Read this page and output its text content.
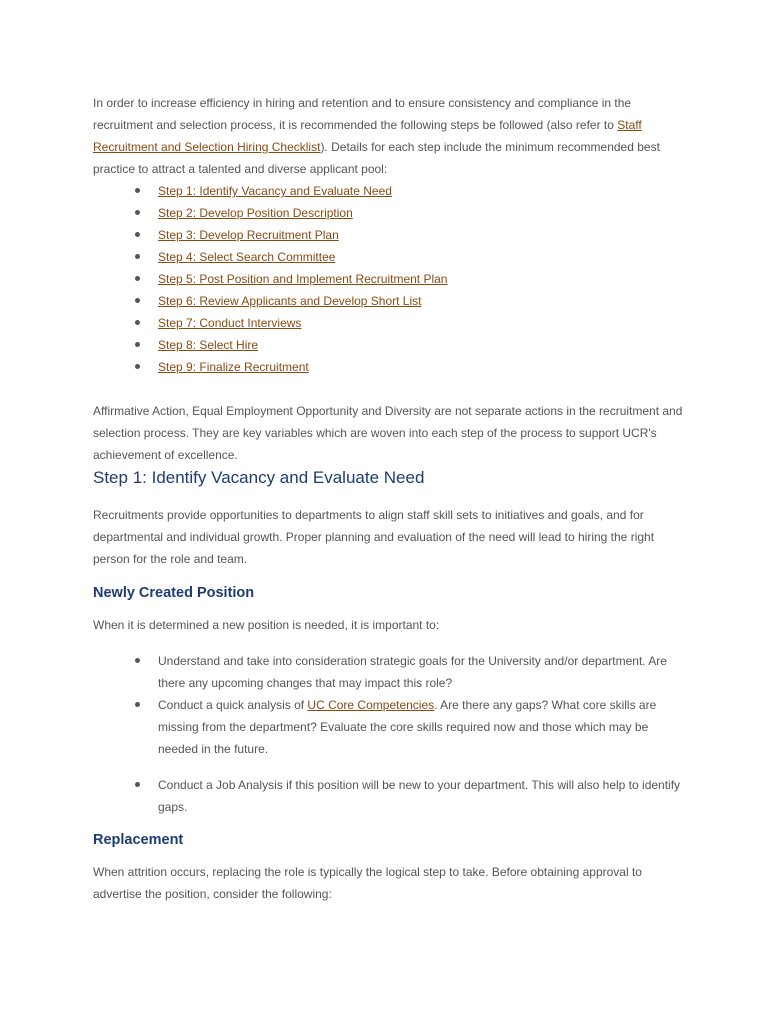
In order to increase efficiency in hiring and retention and to ensure consistency and compliance in the recruitment and selection process, it is recommended the following steps be followed (also refer to Staff Recruitment and Selection Hiring Checklist). Details for each step include the minimum recommended best practice to attract a talented and diverse applicant pool:

Step 1: Identify Vacancy and Evaluate Need
Step 2: Develop Position Description
Step 3: Develop Recruitment Plan
Step 4: Select Search Committee
Step 5: Post Position and Implement Recruitment Plan
Step 6: Review Applicants and Develop Short List
Step 7: Conduct Interviews
Step 8: Select Hire
Step 9: Finalize Recruitment

Affirmative Action, Equal Employment Opportunity and Diversity are not separate actions in the recruitment and selection process. They are key variables which are woven into each step of the process to support UCR's achievement of excellence.

Step 1: Identify Vacancy and Evaluate Need

Recruitments provide opportunities to departments to align staff skill sets to initiatives and goals, and for departmental and individual growth. Proper planning and evaluation of the need will lead to hiring the right person for the role and team.

Newly Created Position

When it is determined a new position is needed, it is important to:

Understand and take into consideration strategic goals for the University and/or department. Are there any upcoming changes that may impact this role?
Conduct a quick analysis of UC Core Competencies. Are there any gaps? What core skills are missing from the department? Evaluate the core skills required now and those which may be needed in the future.
Conduct a Job Analysis if this position will be new to your department. This will also help to identify gaps.
Replacement

When attrition occurs, replacing the role is typically the logical step to take. Before obtaining approval to advertise the position, consider the following:
